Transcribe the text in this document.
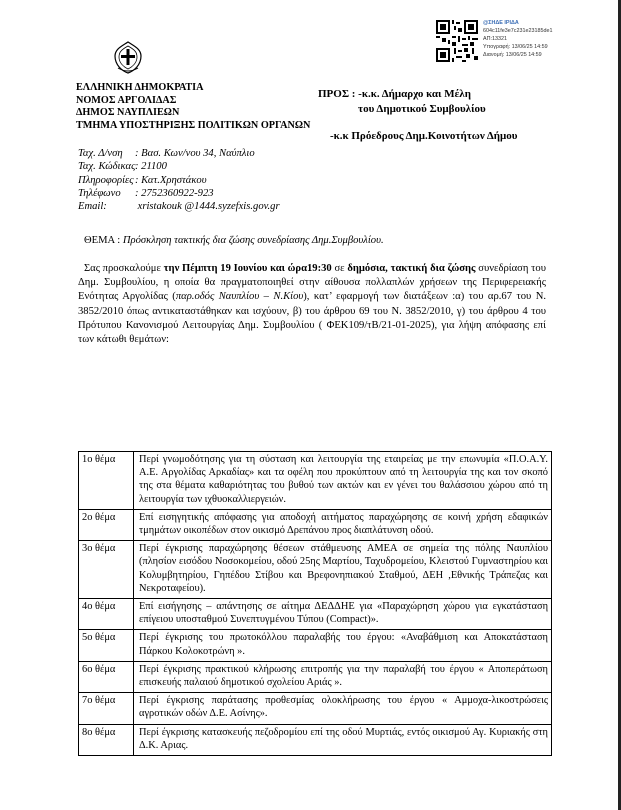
ΕΛΛΗΝΙΚΗ ΔΗΜΟΚΡΑΤΙΑ
ΝΟΜΟΣ ΑΡΓΟΛΙΔΑΣ
ΔΗΜΟΣ ΝΑΥΠΛΙΕΩΝ
ΤΜΗΜΑ ΥΠΟΣΤΗΡΙΞΗΣ ΠΟΛΙΤΙΚΩΝ ΟΡΓΑΝΩΝ
@ΣΗΔΕ ΙΡΙΔΑ
604c11fe3e7c231e23185de1
ΑΠ:13321
Υπογραφή: 13/06/25 14:59
Διανομή: 13/06/25 14:59
ΠΡΟΣ : -κ.κ. Δήμαρχο και Μέλη
του Δημοτικού Συμβουλίου
-κ.κ Πρόεδρους Δημ.Κοινοτήτων Δήμου
Ταχ. Δ/νση : Βασ. Κων/νου 34, Ναύπλιο
Ταχ. Κώδικας: 21100
Πληροφορίες: Κατ.Χρηστάκου
Τηλέφωνο : 2752360922-923
Email:	xristakouk @1444.syzefxis.gov.gr
ΘΕΜΑ : Πρόσκληση τακτικής δια ζώσης συνεδρίασης Δημ.Συμβουλίου.
Σας προσκαλούμε την Πέμπτη 19 Ιουνίου και ώρα19:30 σε δημόσια, τακτική δια ζώσης συνεδρίαση του Δημ. Συμβουλίου, η οποία θα πραγματοποιηθεί στην αίθουσα πολλαπλών χρήσεων της Περιφερειακής Ενότητας Αργολίδας (παρ.οδός Ναυπλίου – Ν.Κίου), κατ’ εφαρμογή των διατάξεων :α) του αρ.67 του Ν. 3852/2010 όπως αντικαταστάθηκαν και ισχύουν, β) του άρθρου 69 του Ν. 3852/2010, γ) του άρθρου 4 του Πρότυπου Κανονισμού Λειτουργίας Δημ. Συμβουλίου ( ΦΕΚ109/τΒ/21-01-2025), για λήψη απόφασης επί των κάτωθι θεμάτων:
1ο θέμα	Περί γνωμοδότησης για τη σύσταση και λειτουργία της εταιρείας με την επωνυμία «Π.Ο.Α.Υ. Α.Ε. Αργολίδας Αρκαδίας» και τα οφέλη που προκύπτουν από τη λειτουργία της και τον σκοπό της στα θέματα καθαριότητας του βυθού των ακτών και εν γένει του θαλάσσιου χώρου από τη λειτουργία των ιχθυοκαλλιεργειών.
2ο θέμα	Επί εισηγητικής απόφασης για αποδοχή αιτήματος παραχώρησης σε κοινή χρήση εδαφικών τμημάτων οικοπέδων στον οικισμό Δρεπάνου προς διαπλάτυνση οδού.
3ο θέμα	Περί έγκρισης παραχώρησης θέσεων στάθμευσης ΑΜΕΑ σε σημεία της πόλης Ναυπλίου (πλησίον εισόδου Νοσοκομείου, οδού 25ης Μαρτίου, Ταχυδρομείου, Κλειστού Γυμναστηρίου και Κολυμβητηρίου, Γηπέδου Στίβου και Βρεφονηπιακού Σταθμού, ΔΕΗ ,Εθνικής Τράπεζας και Νεκροταφείου).
4ο θέμα	Επί εισήγησης – απάντησης σε αίτημα ΔΕΔΔΗΕ για «Παραχώρηση χώρου για εγκατάσταση επίγειου υποσταθμού Συνεπτυγμένου Τύπου (Compact)».
5ο θέμα	Περί έγκρισης του πρωτοκόλλου παραλαβής του έργου: «Αναβάθμιση και Αποκατάσταση Πάρκου Κολοκοτρώνη ».
6ο θέμα	Περί έγκρισης πρακτικού κλήρωσης επιτροπής για την παραλαβή του έργου « Αποπεράτωση επισκευής παλαιού δημοτικού σχολείου Αριάς ».
7ο θέμα	Περί έγκρισης παράτασης προθεσμίας ολοκλήρωσης του έργου « Αμμοχα-λικοστρώσεις αγροτικών οδών Δ.Ε. Ασίνης».
8ο θέμα	Περί έγκρισης κατασκευής πεζοδρομίου επί της οδού Μυρτιάς, εντός οικισμού Αγ. Κυριακής στη Δ.Κ. Αριας.
